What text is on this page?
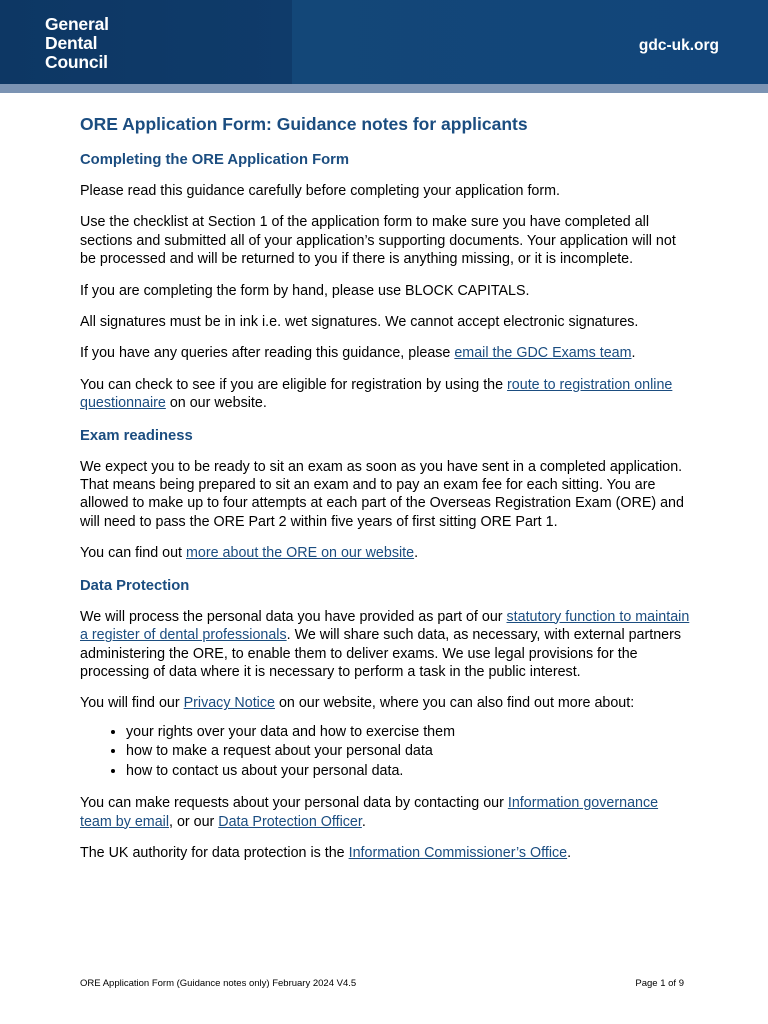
General
Dental
Council
gdc-uk.org
ORE Application Form: Guidance notes for applicants
Completing the ORE Application Form

Please read this guidance carefully before completing your application form.

Use the checklist at Section 1 of the application form to make sure you have completed all sections and submitted all of your application’s supporting documents. Your application will not be processed and will be returned to you if there is anything missing, or it is incomplete.

If you are completing the form by hand, please use BLOCK CAPITALS.

All signatures must be in ink i.e. wet signatures. We cannot accept electronic signatures.

If you have any queries after reading this guidance, please email the GDC Exams team.

You can check to see if you are eligible for registration by using the route to registration online questionnaire on our website.

Exam readiness

We expect you to be ready to sit an exam as soon as you have sent in a completed application. That means being prepared to sit an exam and to pay an exam fee for each sitting. You are allowed to make up to four attempts at each part of the Overseas Registration Exam (ORE) and will need to pass the ORE Part 2 within five years of first sitting ORE Part 1.

You can find out more about the ORE on our website.

Data Protection

We will process the personal data you have provided as part of our statutory function to maintain a register of dental professionals. We will share such data, as necessary, with external partners administering the ORE, to enable them to deliver exams. We use legal provisions for the processing of data where it is necessary to perform a task in the public interest.

You will find our Privacy Notice on our website, where you can also find out more about:

• your rights over your data and how to exercise them
• how to make a request about your personal data
• how to contact us about your personal data.

You can make requests about your personal data by contacting our Information governance team by email, or our Data Protection Officer.

The UK authority for data protection is the Information Commissioner’s Office.

ORE Application Form (Guidance notes only) February 2024 V4.5	Page 1 of 9
